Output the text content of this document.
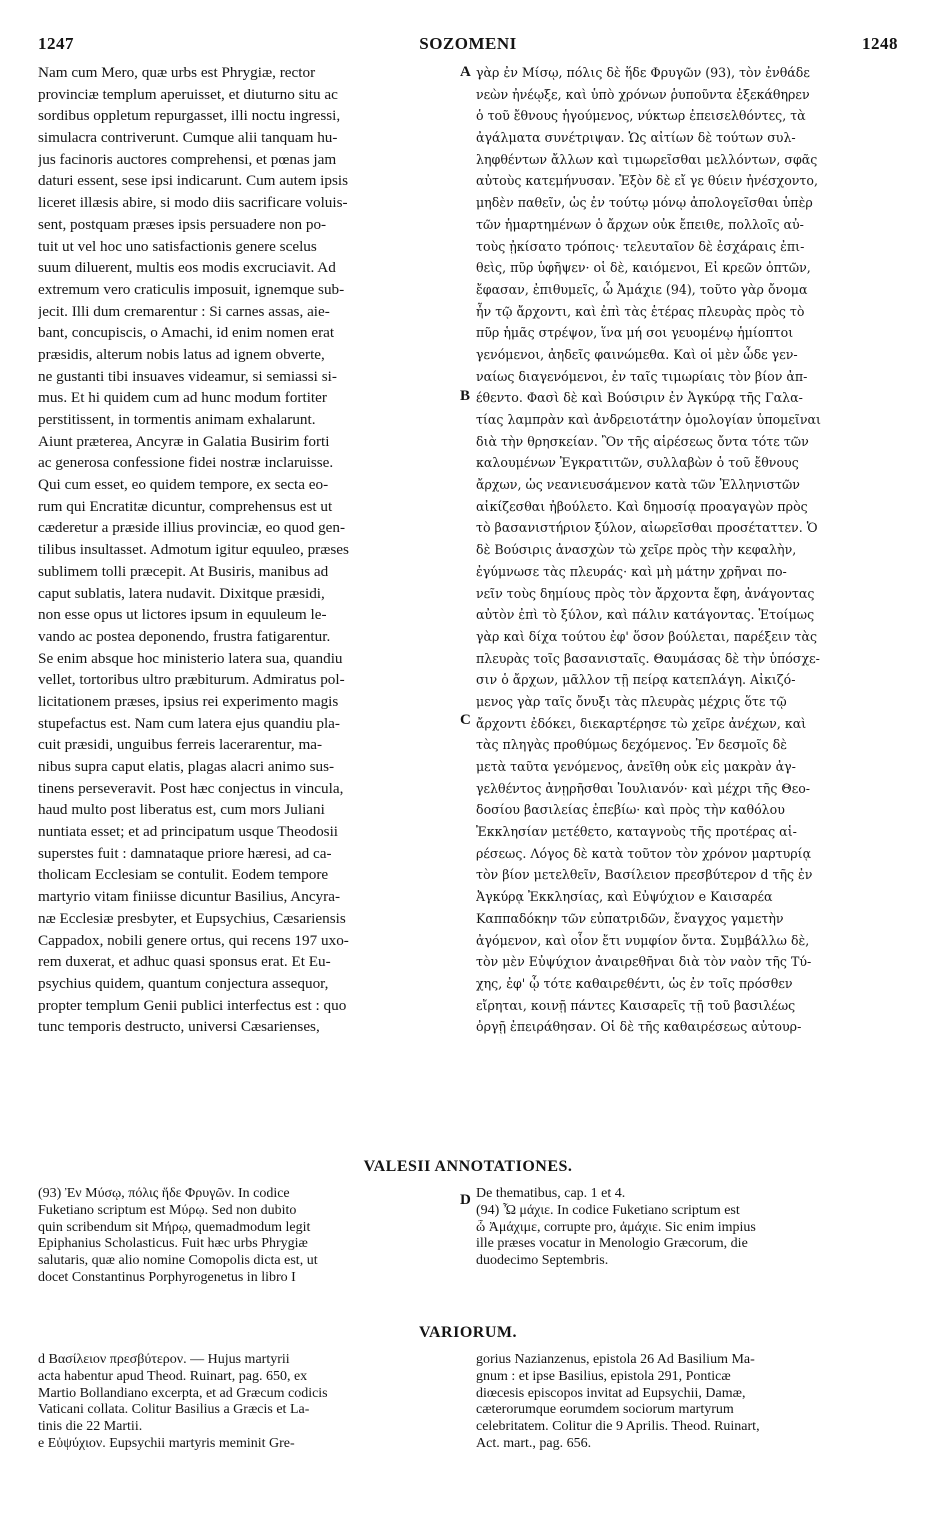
1247	SOZOMENI	1248
Nam cum Mero, quæ urbs est Phrygiæ, rector
provinciæ templum aperuisset, et diuturno situ ac
sordibus oppletum repurgasset, illi noctu ingressi,
simulacra contriverunt. Cumque alii tanquam hu-
jus facinoris auctores comprehensi, et pœnas jam
daturi essent, sese ipsi indicarunt. Cum autem ipsis
liceret illæsis abire, si modo diis sacrificare voluis-
sent, postquam præses ipsis persuadere non po-
tuit ut vel hoc uno satisfactionis genere scelus
suum diluerent, multis eos modis excruciavit. Ad
extremum vero craticulis imposuit, ignemque sub-
jecit. Illi dum cremarentur : Si carnes assas, aie-
bant, concupiscis, o Amachi, id enim nomen erat
præsidis, alterum nobis latus ad ignem obverte,
ne gustanti tibi insuaves videamur, si semiassi si-
mus. Et hi quidem cum ad hunc modum fortiter
perstitissent, in tormentis animam exhalarunt.
Aiunt præterea, Ancyræ in Galatia Busirim forti
ac generosa confessione fidei nostræ inclaruisse.
Qui cum esset, eo quidem tempore, ex secta eo-
rum qui Encratitæ dicuntur, comprehensus est ut
cæderetur a præside illius provinciæ, eo quod gen-
tilibus insultasset. Admotum igitur equuleo, præses
sublimem tolli præcepit. At Busiris, manibus ad
caput sublatis, latera nudavit. Dixitque præsidi,
non esse opus ut lictores ipsum in equuleum le-
vando ac postea deponendo, frustra fatigarentur.
Se enim absque hoc ministerio latera sua, quandiu
vellet, tortoribus ultro præbiturum. Admiratus pol-
licitationem præses, ipsius rei experimento magis
stupefactus est. Nam cum latera ejus quandiu pla-
cuit præsidi, unguibus ferreis lacerarentur, ma-
nibus supra caput elatis, plagas alacri animo sus-
tinens perseveravit. Post hæc conjectus in vincula,
haud multo post liberatus est, cum mors Juliani
nuntiata esset; et ad principatum usque Theodosii
superstes fuit : damnataque priore hæresi, ad ca-
tholicam Ecclesiam se contulit. Eodem tempore
martyrio vitam finiisse dicuntur Basilius, Ancyra-
næ Ecclesiæ presbyter, et Eupsychius, Cæsariensis
Cappadox, nobili genere ortus, qui recens 197 uxo-
rem duxerat, et adhuc quasi sponsus erat. Et Eu-
psychius quidem, quantum conjectura assequor,
propter templum Genii publici interfectus est : quo
tunc temporis destructo, universi Cæsarienses,
γὰρ ἐν Μίσῳ, πόλις δὲ ἥδε Φρυγῶν (93), τὸν ἐνθάδε
νεὼν ἠνέῳξε, καὶ ὑπὸ χρόνων ῥυποῦντα ἐξεκάθηρεν
ὁ τοῦ ἔθνους ἡγούμενος, νύκτωρ ἐπεισελθόντες, τὰ
ἀγάλματα συνέτριψαν. Ὡς αἰτίων δὲ τούτων συλ-
ληφθέντων ἄλλων καὶ τιμωρεῖσθαι μελλόντων, σφᾶς
αὐτοὺς κατεμήνυσαν. Ἐξὸν δὲ εἴ γε θύειν ἠνέσχοντο,
μηδὲν παθεῖν, ὡς ἐν τούτῳ μόνῳ ἀπολογεῖσθαι ὑπὲρ
τῶν ἡμαρτημένων ὁ ἄρχων οὐκ ἔπειθε, πολλοῖς αὐ-
τοὺς ᾐκίσατο τρόποις· τελευταῖον δὲ ἐσχάραις ἐπι-
θεὶς, πῦρ ὑφῆψεν· οἱ δὲ, καιόμενοι, Εἰ κρεῶν ὀπτῶν,
ἔφασαν, ἐπιθυμεῖς, ὦ Ἀμάχιε (94), τοῦτο γὰρ ὄνομα
ἦν τῷ ἄρχοντι, καὶ ἐπὶ τὰς ἑτέρας πλευρὰς πρὸς τὸ
πῦρ ἡμᾶς στρέψον, ἵνα μή σοι γευομένῳ ἡμίοπτοι
γενόμενοι, ἀηδεῖς φαινώμεθα. Καὶ οἱ μὲν ὧδε γεν-
ναίως διαγενόμενοι, ἐν ταῖς τιμωρίαις τὸν βίον ἀπ-
έθεντο. Φασὶ δὲ καὶ Βούσιριν ἐν Ἀγκύρᾳ τῆς Γαλα-
τίας λαμπρὰν καὶ ἀνδρειοτάτην ὁμολογίαν ὑπομεῖναι
διὰ τὴν θρησκείαν. Ὃν τῆς αἱρέσεως ὄντα τότε τῶν
καλουμένων Ἐγκρατιτῶν, συλλαβὼν ὁ τοῦ ἔθνους
ἄρχων, ὡς νεανιευσάμενον κατὰ τῶν Ἑλληνιστῶν
αἰκίζεσθαι ἠβούλετο. Καὶ δημοσίᾳ προαγαγὼν πρὸς
τὸ βασανιστήριον ξύλον, αἰωρεῖσθαι προσέταττεν. Ὁ
δὲ Βούσιρις ἀνασχὼν τὼ χεῖρε πρὸς τὴν κεφαλὴν,
ἐγύμνωσε τὰς πλευράς· καὶ μὴ μάτην χρῆναι πο-
νεῖν τοὺς δημίους πρὸς τὸν ἄρχοντα ἔφη, ἀνάγοντας
αὐτὸν ἐπὶ τὸ ξύλον, καὶ πάλιν κατάγοντας. Ἑτοίμως
γὰρ καὶ δίχα τούτου ἐφ' ὅσον βούλεται, παρέξειν τὰς
πλευρὰς τοῖς βασανισταῖς. Θαυμάσας δὲ τὴν ὑπόσχε-
σιν ὁ ἄρχων, μᾶλλον τῇ πείρᾳ κατεπλάγη. Αἰκιζό-
μενος γὰρ ταῖς ὄνυξι τὰς πλευρὰς μέχρις ὅτε τῷ
ἄρχοντι ἐδόκει, διεκαρτέρησε τὼ χεῖρε ἀνέχων, καὶ
τὰς πληγὰς προθύμως δεχόμενος. Ἐν δεσμοῖς δὲ
μετὰ ταῦτα γενόμενος, ἀνεῖθη οὐκ εἰς μακρὰν ἀγ-
γελθέντος ἀνῃρῆσθαι Ἰουλιανόν· καὶ μέχρι τῆς Θεο-
δοσίου βασιλείας ἐπεβίω· καὶ πρὸς τὴν καθόλου
Ἐκκλησίαν μετέθετο, καταγνοὺς τῆς προτέρας αἱ-
ρέσεως. Λόγος δὲ κατὰ τοῦτον τὸν χρόνον μαρτυρίᾳ
τὸν βίον μετελθεῖν, Βασίλειον πρεσβύτερον d τῆς ἐν
Ἀγκύρᾳ Ἐκκλησίας, καὶ Εὐψύχιον e Καισαρέα
Καππαδόκην τῶν εὐπατριδῶν, ἔναγχος γαμετὴν
ἀγόμενον, καὶ οἷον ἔτι νυμφίον ὄντα. Συμβάλλω δὲ,
τὸν μὲν Εὐψύχιον ἀναιρεθῆναι διὰ τὸν ναὸν τῆς Τύ-
χης, ἐφ' ᾧ τότε καθαιρεθέντι, ὡς ἐν τοῖς πρόσθεν
εἴρηται, κοινῇ πάντες Καισαρεῖς τῇ τοῦ βασιλέως
ὀργῇ ἐπειράθησαν. Οἱ δὲ τῆς καθαιρέσεως αὐτουρ-
A
B
C
D
VALESII ANNOTATIONES.
(93) Ἐν Μύσῳ, πόλις ἥδε Φρυγῶν. In codice
Fuketiano scriptum est Μύρῳ. Sed non dubito
quin scribendum sit Μήρῳ, quemadmodum legit
Epiphanius Scholasticus. Fuit hæc urbs Phrygiæ
salutaris, quæ alio nomine Comopolis dicta est, ut
docet Constantinus Porphyrogenetus in libro I
De thematibus, cap. 1 et 4.
(94) Ὦ μάχιε. In codice Fuketiano scriptum est
ὦ Ἀμάχιμε, corrupte pro, ἀμάχιε. Sic enim impius
ille præses vocatur in Menologio Græcorum, die
duodecimo Septembris.
VARIORUM.
d Βασίλειον πρεσβύτερον. — Hujus martyrii
acta habentur apud Theod. Ruinart, pag. 650, ex
Martio Bollandiano excerpta, et ad Græcum codicis
Vaticani collata. Colitur Basilius a Græcis et La-
tinis die 22 Martii.
e Εὐψύχιον. Eupsychii martyris meminit Gre-
gorius Nazianzenus, epistola 26 Ad Basilium Ma-
gnum : et ipse Basilius, epistola 291, Ponticæ
diœcesis episcopos invitat ad Eupsychii, Damæ,
cæterorumque eorumdem sociorum martyrum
celebritatem. Colitur die 9 Aprilis. Theod. Ruinart,
Act. mart., pag. 656.
